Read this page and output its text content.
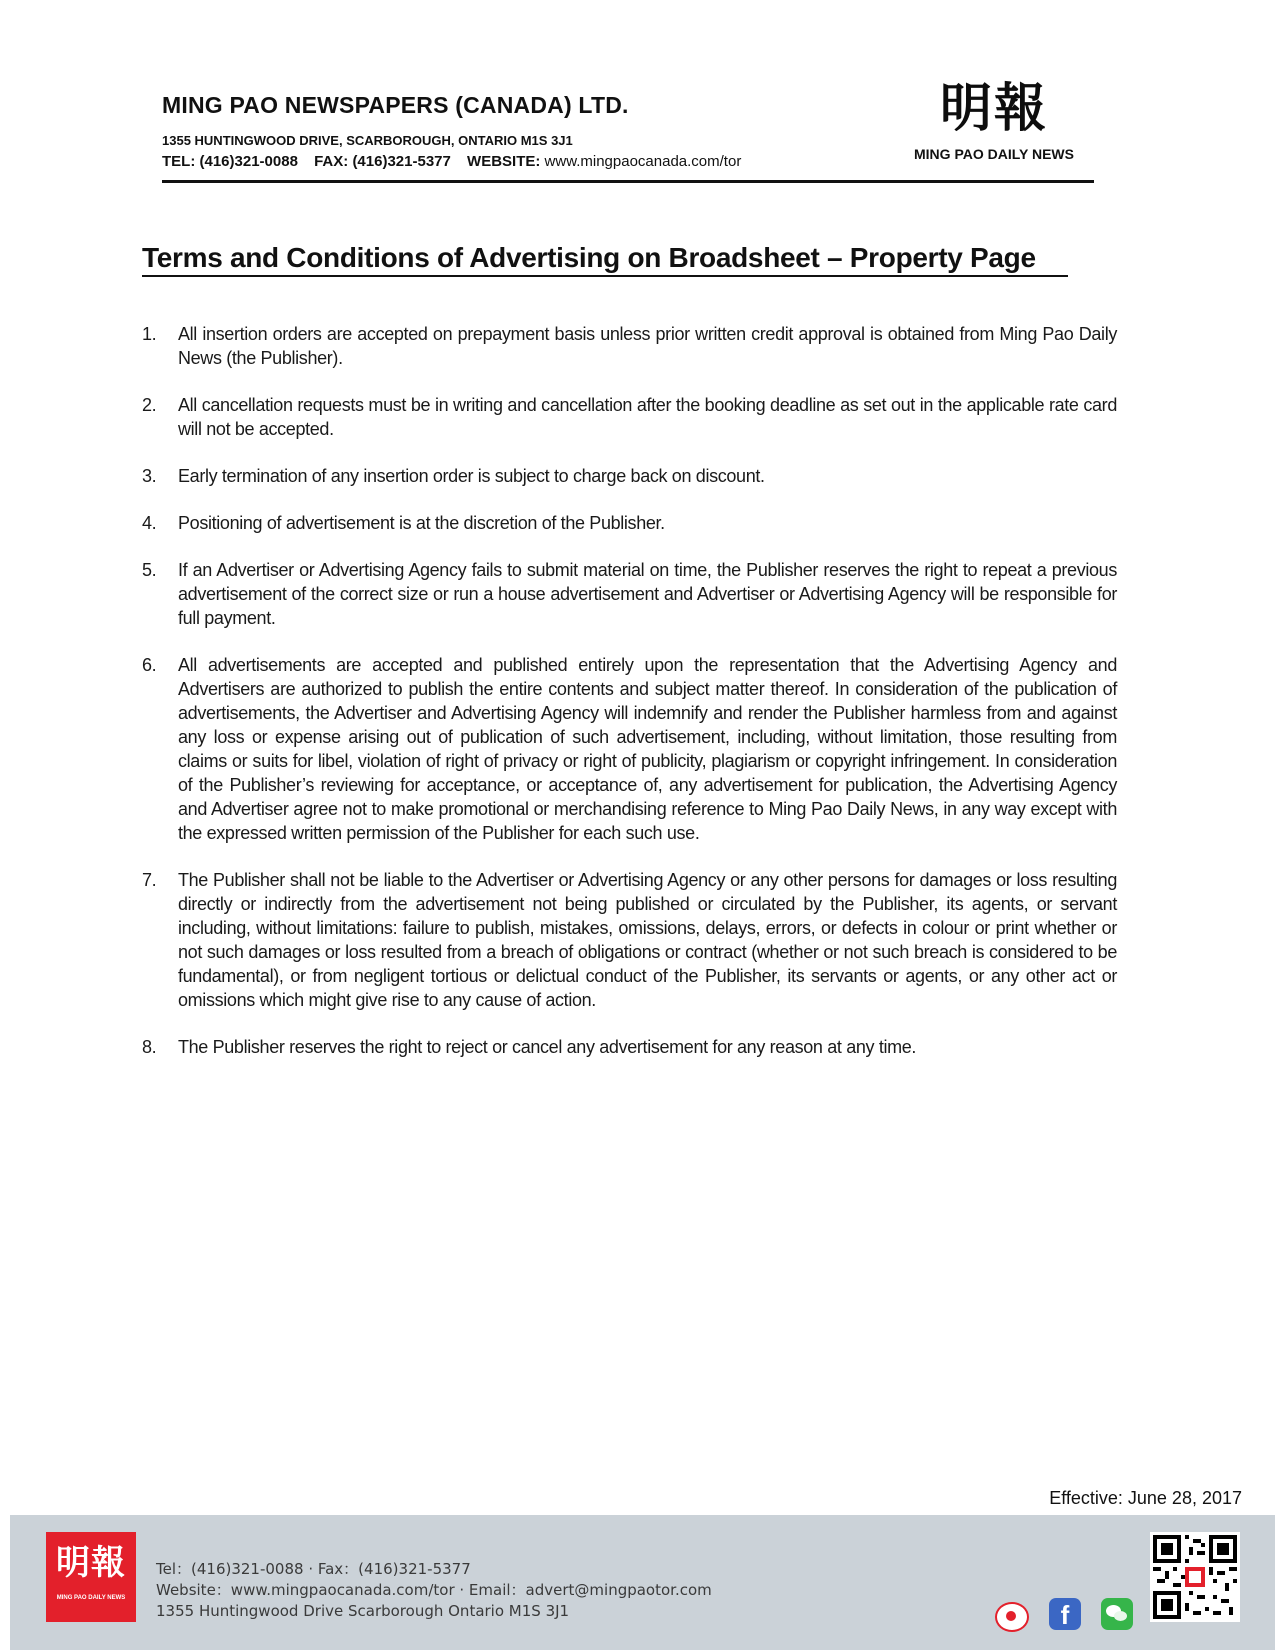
MING PAO NEWSPAPERS (CANADA) LTD.
1355 HUNTINGWOOD DRIVE, SCARBOROUGH, ONTARIO M1S 3J1
TEL: (416)321-0088 FAX: (416)321-5377 WEBSITE: www.mingpaocanada.com/tor
明報
MING PAO DAILY NEWS
Terms and Conditions of Advertising on Broadsheet – Property Page
1. All insertion orders are accepted on prepayment basis unless prior written credit approval is obtained from Ming Pao Daily News (the Publisher).
2. All cancellation requests must be in writing and cancellation after the booking deadline as set out in the applicable rate card will not be accepted.
3. Early termination of any insertion order is subject to charge back on discount.
4. Positioning of advertisement is at the discretion of the Publisher.
5. If an Advertiser or Advertising Agency fails to submit material on time, the Publisher reserves the right to repeat a previous advertisement of the correct size or run a house advertisement and Advertiser or Advertising Agency will be responsible for full payment.
6. All advertisements are accepted and published entirely upon the representation that the Advertising Agency and Advertisers are authorized to publish the entire contents and subject matter thereof. In consideration of the publication of advertisements, the Advertiser and Advertising Agency will indemnify and render the Publisher harmless from and against any loss or expense arising out of publication of such advertisement, including, without limitation, those resulting from claims or suits for libel, violation of right of privacy or right of publicity, plagiarism or copyright infringement. In consideration of the Publisher’s reviewing for acceptance, or acceptance of, any advertisement for publication, the Advertising Agency and Advertiser agree not to make promotional or merchandising reference to Ming Pao Daily News, in any way except with the expressed written permission of the Publisher for each such use.
7. The Publisher shall not be liable to the Advertiser or Advertising Agency or any other persons for damages or loss resulting directly or indirectly from the advertisement not being published or circulated by the Publisher, its agents, or servant including, without limitations: failure to publish, mistakes, omissions, delays, errors, or defects in colour or print whether or not such damages or loss resulted from a breach of obligations or contract (whether or not such breach is considered to be fundamental), or from negligent tortious or delictual conduct of the Publisher, its servants or agents, or any other act or omissions which might give rise to any cause of action.
8. The Publisher reserves the right to reject or cancel any advertisement for any reason at any time.
Effective: June 28, 2017
明報
MING PAO DAILY NEWS
Tel：(416)321-0088 · Fax：(416)321-5377
Website：www.mingpaocanada.com/tor · Email：advert@mingpaotor.com
1355 Huntingwood Drive Scarborough Ontario M1S 3J1	f
